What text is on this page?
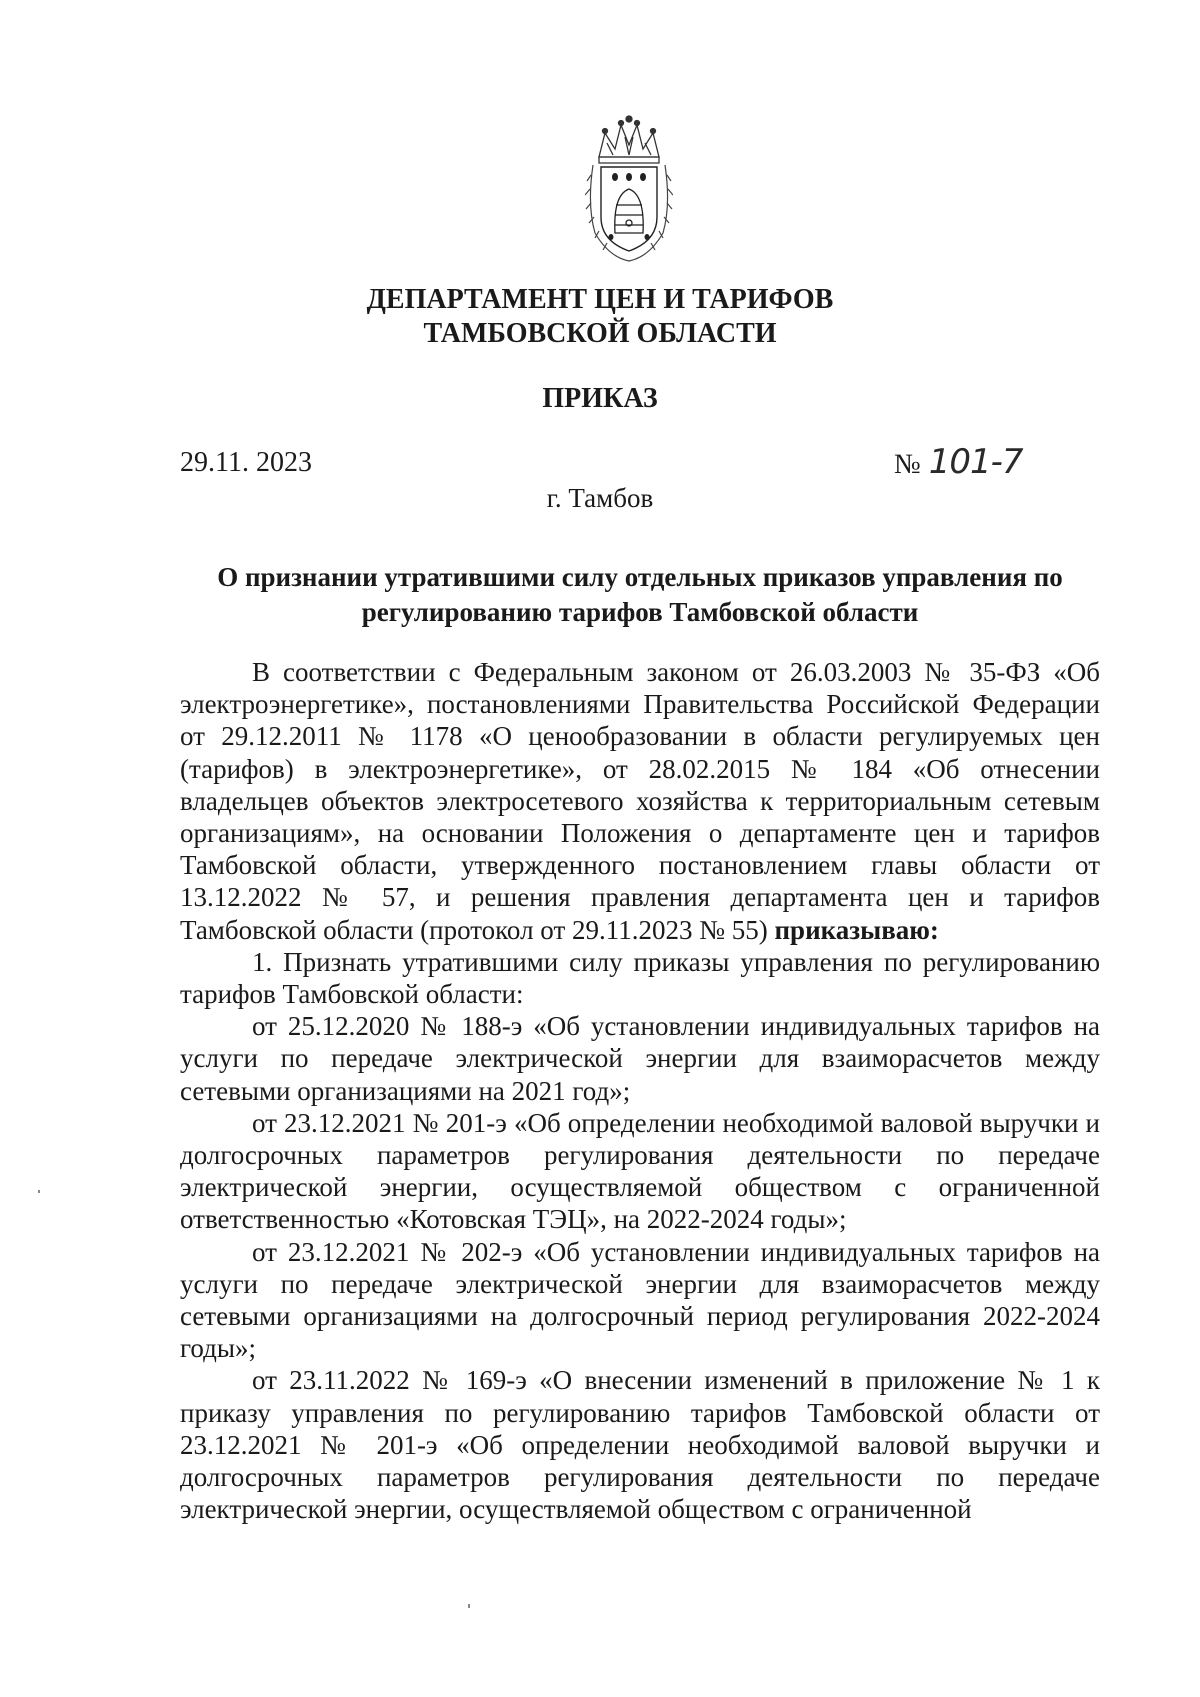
ДЕПАРТАМЕНТ ЦЕН И ТАРИФОВ
ТАМБОВСКОЙ ОБЛАСТИ
ПРИКАЗ
29.11. 2023	№ 101-7
г. Тамбов
О признании утратившими силу отдельных приказов управления по регулированию тарифов Тамбовской области

В соответствии с Федеральным законом от 26.03.2003 № 35-ФЗ «Об электроэнергетике», постановлениями Правительства Российской Федерации от 29.12.2011 № 1178 «О ценообразовании в области регулируемых цен (тарифов) в электроэнергетике», от 28.02.2015 № 184 «Об отнесении владельцев объектов электросетевого хозяйства к территориальным сетевым организациям», на основании Положения о департаменте цен и тарифов Тамбовской области, утвержденного постановлением главы области от 13.12.2022 № 57, и решения правления департамента цен и тарифов Тамбовской области (протокол от 29.11.2023 № 55) приказываю:

1. Признать утратившими силу приказы управления по регулированию тарифов Тамбовской области:

от 25.12.2020 № 188-э «Об установлении индивидуальных тарифов на услуги по передаче электрической энергии для взаиморасчетов между сетевыми организациями на 2021 год»;

от 23.12.2021 № 201-э «Об определении необходимой валовой выручки и долгосрочных параметров регулирования деятельности по передаче электрической энергии, осуществляемой обществом с ограниченной ответственностью «Котовская ТЭЦ», на 2022-2024 годы»;

от 23.12.2021 № 202-э «Об установлении индивидуальных тарифов на услуги по передаче электрической энергии для взаиморасчетов между сетевыми организациями на долгосрочный период регулирования 2022-2024 годы»;

от 23.11.2022 № 169-э «О внесении изменений в приложение № 1 к приказу управления по регулированию тарифов Тамбовской области от 23.12.2021 № 201-э «Об определении необходимой валовой выручки и долгосрочных параметров регулирования деятельности по передаче электрической энергии, осуществляемой обществом с ограниченной
